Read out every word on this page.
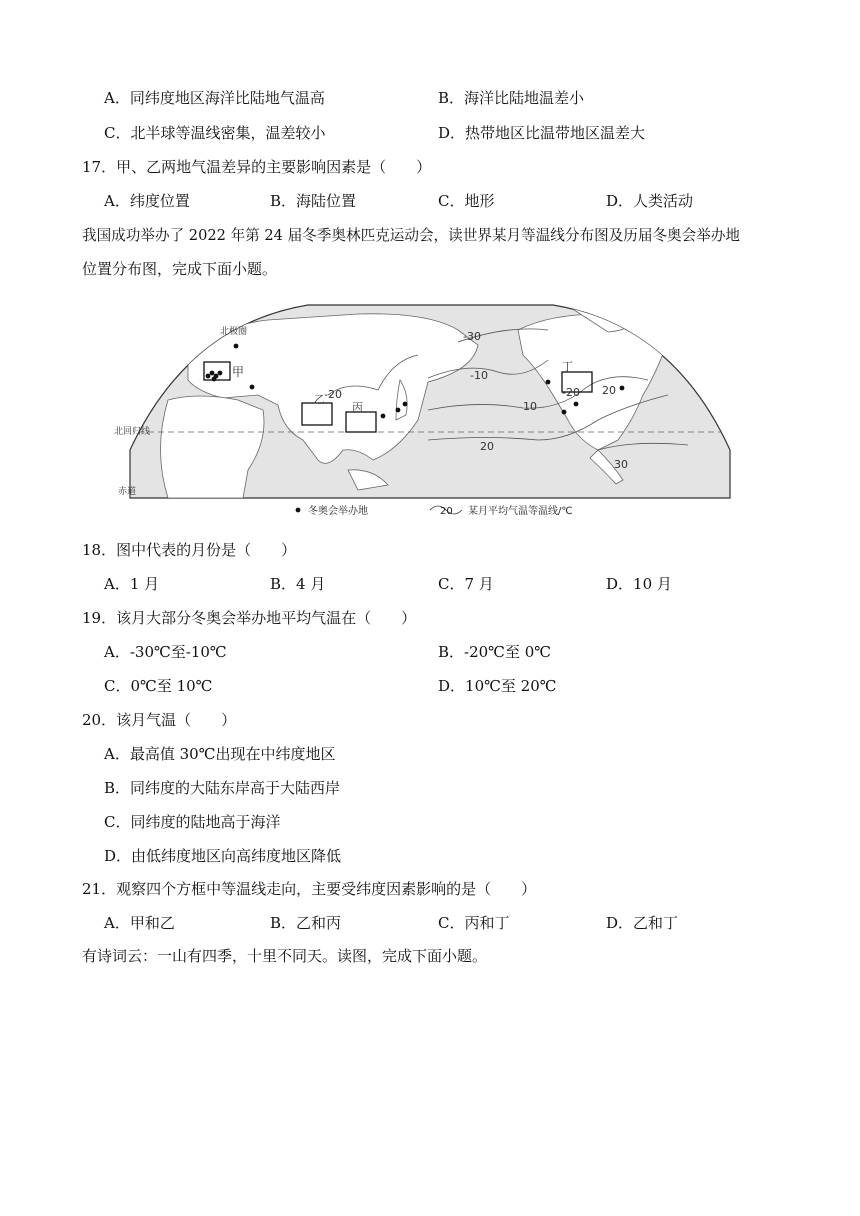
A．同纬度地区海洋比陆地气温高	B．海洋比陆地温差小
C．北半球等温线密集，温差较小	D．热带地区比温带地区温差大
17．甲、乙两地气温差异的主要影响因素是（　　）
A．纬度位置	B．海陆位置	C．地形	D．人类活动
我国成功举办了 2022 年第 24 届冬季奥林匹克运动会，读世界某月等温线分布图及历届冬奥会举办地
位置分布图，完成下面小题。
甲
乙
丙
丁
-30
-20
-10
10
-20 20
20
30
北极圈
北回归线
赤道
冬奥会举办地	20 某月平均气温等温线/℃
18．图中代表的月份是（　　）
A．1 月	B．4 月	C．7 月	D．10 月
19．该月大部分冬奥会举办地平均气温在（　　）
A．-30℃至-10℃	B．-20℃至 0℃
C．0℃至 10℃	D．10℃至 20℃
20．该月气温（　　）
A．最高值 30℃出现在中纬度地区
B．同纬度的大陆东岸高于大陆西岸
C．同纬度的陆地高于海洋
D．由低纬度地区向高纬度地区降低
21．观察四个方框中等温线走向，主要受纬度因素影响的是（　　）
A．甲和乙	B．乙和丙	C．丙和丁	D．乙和丁
有诗词云：一山有四季，十里不同天。读图，完成下面小题。
